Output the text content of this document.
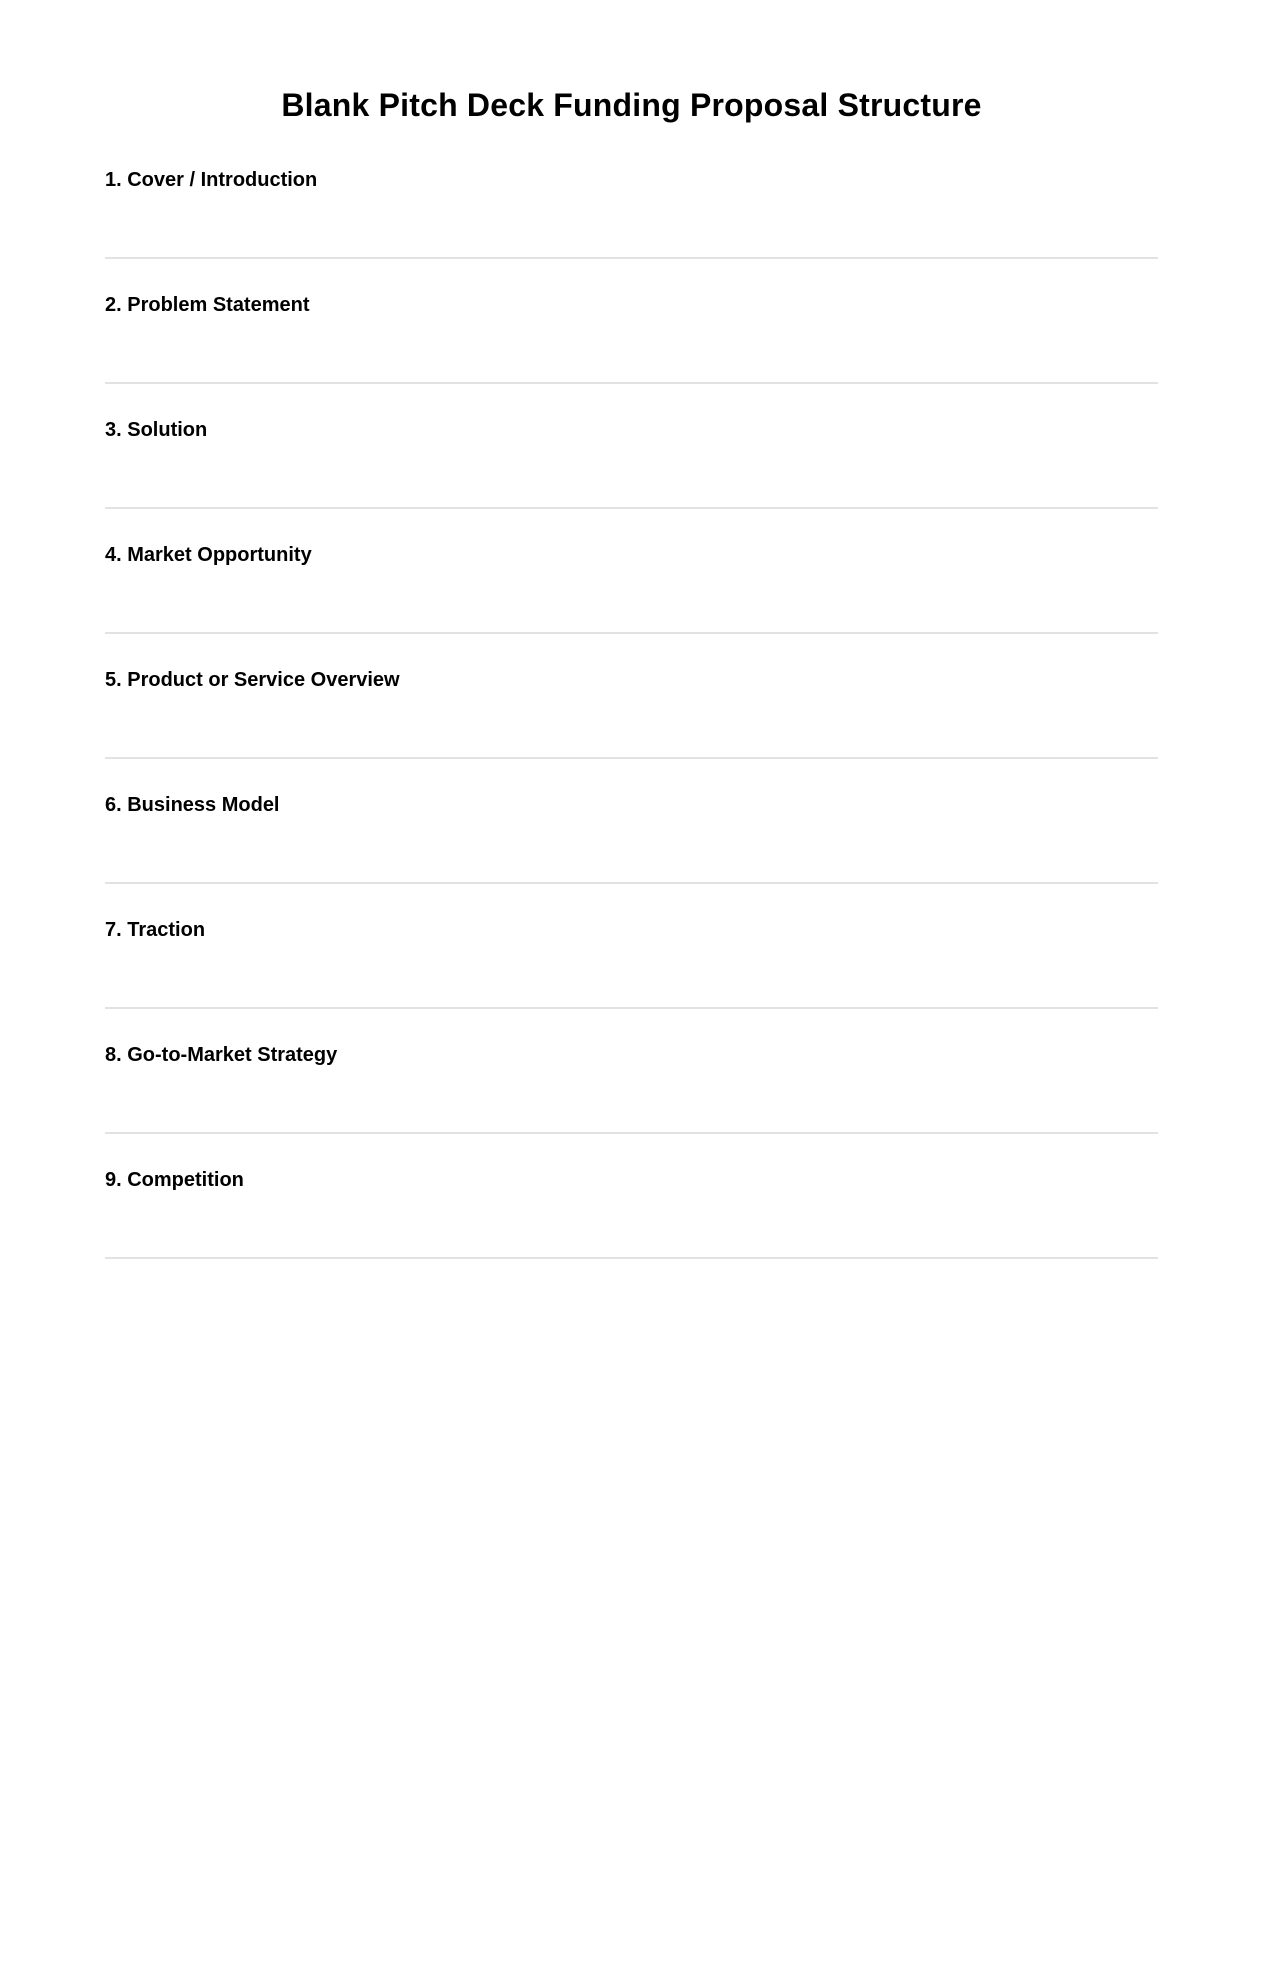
Blank Pitch Deck Funding Proposal Structure
1. Cover / Introduction
2. Problem Statement
3. Solution
4. Market Opportunity
5. Product or Service Overview
6. Business Model
7. Traction
8. Go-to-Market Strategy
9. Competition
